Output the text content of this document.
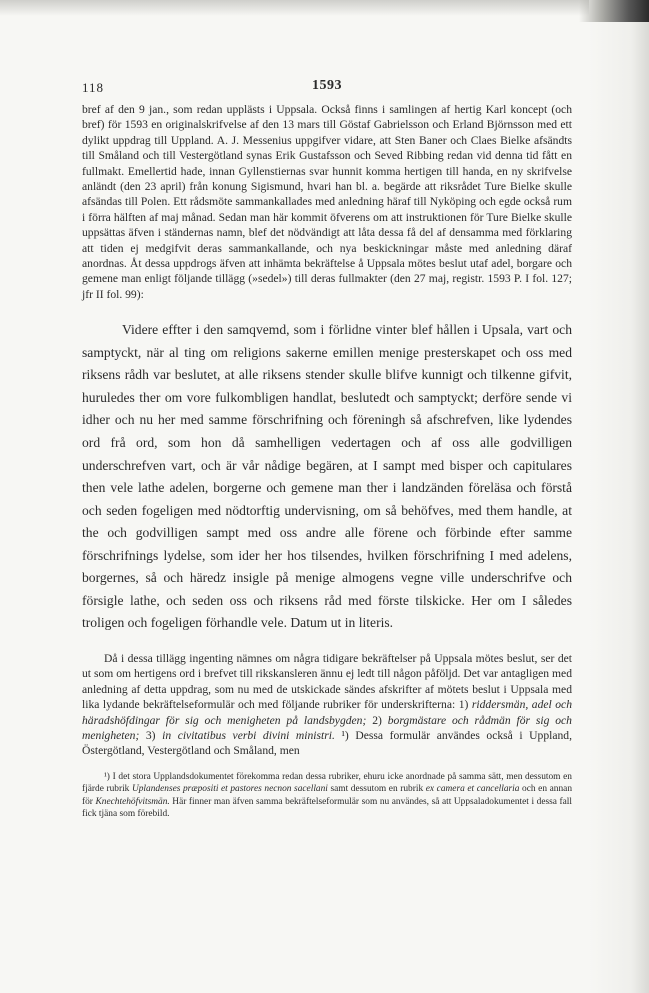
118	1593

bref af den 9 jan., som redan upplästs i Uppsala. Också finns i samlingen af hertig Karl koncept (och bref) för 1593 en originalskrifvelse af den 13 mars till Göstaf Gabrielsson och Erland Björnsson med ett dylikt uppdrag till Uppland. A. J. Messenius uppgifver vidare, att Sten Baner och Claes Bielke afsändts till Småland och till Vestergötland synas Erik Gustafsson och Seved Ribbing redan vid denna tid fått en fullmakt. Emellertid hade, innan Gyllenstiernas svar hunnit komma hertigen till handa, en ny skrifvelse anländt (den 23 april) från konung Sigismund, hvari han bl. a. begärde att riksrådet Ture Bielke skulle afsändas till Polen. Ett rådsmöte sammankallades med anledning häraf till Nyköping och egde också rum i förra hälften af maj månad. Sedan man här kommit öfverens om att instruktionen för Ture Bielke skulle uppsättas äfven i ständernas namn, blef det nödvändigt att låta dessa få del af densamma med förklaring att tiden ej medgifvit deras sammankallande, och nya beskickningar måste med anledning däraf anordnas. Åt dessa uppdrogs äfven att inhämta bekräftelse å Uppsala mötes beslut utaf adel, borgare och gemene man enligt följande tillägg (»sedel») till deras fullmakter (den 27 maj, registr. 1593 P. I fol. 127; jfr II fol. 99):

Videre effter i den samqvemd, som i förlidne vinter blef hållen i Upsala, vart och samptyckt, när al ting om religions sakerne emillen menige presterskapet och oss med riksens rådh var beslutet, at alle riksens stender skulle blifve kunnigt och tilkenne gifvit, huruledes ther om vore fulkombligen handlat, beslutedt och samptyckt; derföre sende vi idher och nu her med samme förschrifning och föreningh så afschrefven, like lydendes ord frå ord, som hon då samhelligen vedertagen och af oss alle godvilligen underschrefven vart, och är vår nådige begären, at I sampt med bisper och capitulares then vele lathe adelen, borgerne och gemene man ther i landzänden föreläsa och förstå och seden fogeligen med nödtorftig undervisning, om så behöfves, med them handle, at the och godvilligen sampt med oss andre alle förene och förbinde efter samme förschrifnings lydelse, som ider her hos tilsendes, hvilken förschrifning I med adelens, borgernes, så och häredz insigle på menige almogens vegne ville underschrifve och försigle lathe, och seden oss och riksens råd med förste tilskicke. Her om I således troligen och fogeligen förhandle vele. Datum ut in literis.

Då i dessa tillägg ingenting nämnes om några tidigare bekräftelser på Uppsala mötes beslut, ser det ut som om hertigens ord i brefvet till rikskansleren ännu ej ledt till någon påföljd. Det var antagligen med anledning af detta uppdrag, som nu med de utskickade sändes afskrifter af mötets beslut i Uppsala med lika lydande bekräftelseformulär och med följande rubriker för underskrifterna: 1) riddersmän, adel och häradshöfdingar för sig och menigheten på landsbygden; 2) borgmästare och rådmän för sig och menigheten; 3) in civitatibus verbi divini ministri. ¹) Dessa formulär användes också i Uppland, Östergötland, Vestergötland och Småland, men

¹) I det stora Upplandsdokumentet förekomma redan dessa rubriker, ehuru icke anordnade på samma sätt, men dessutom en fjärde rubrik Uplandenses præpositi et pastores necnon sacellani samt dessutom en rubrik ex camera et cancellaria och en annan för Knechtehöfvitsmän. Här finner man äfven samma bekräftelseformulär som nu användes, så att Uppsaladokumentet i dessa fall fick tjäna som förebild.
